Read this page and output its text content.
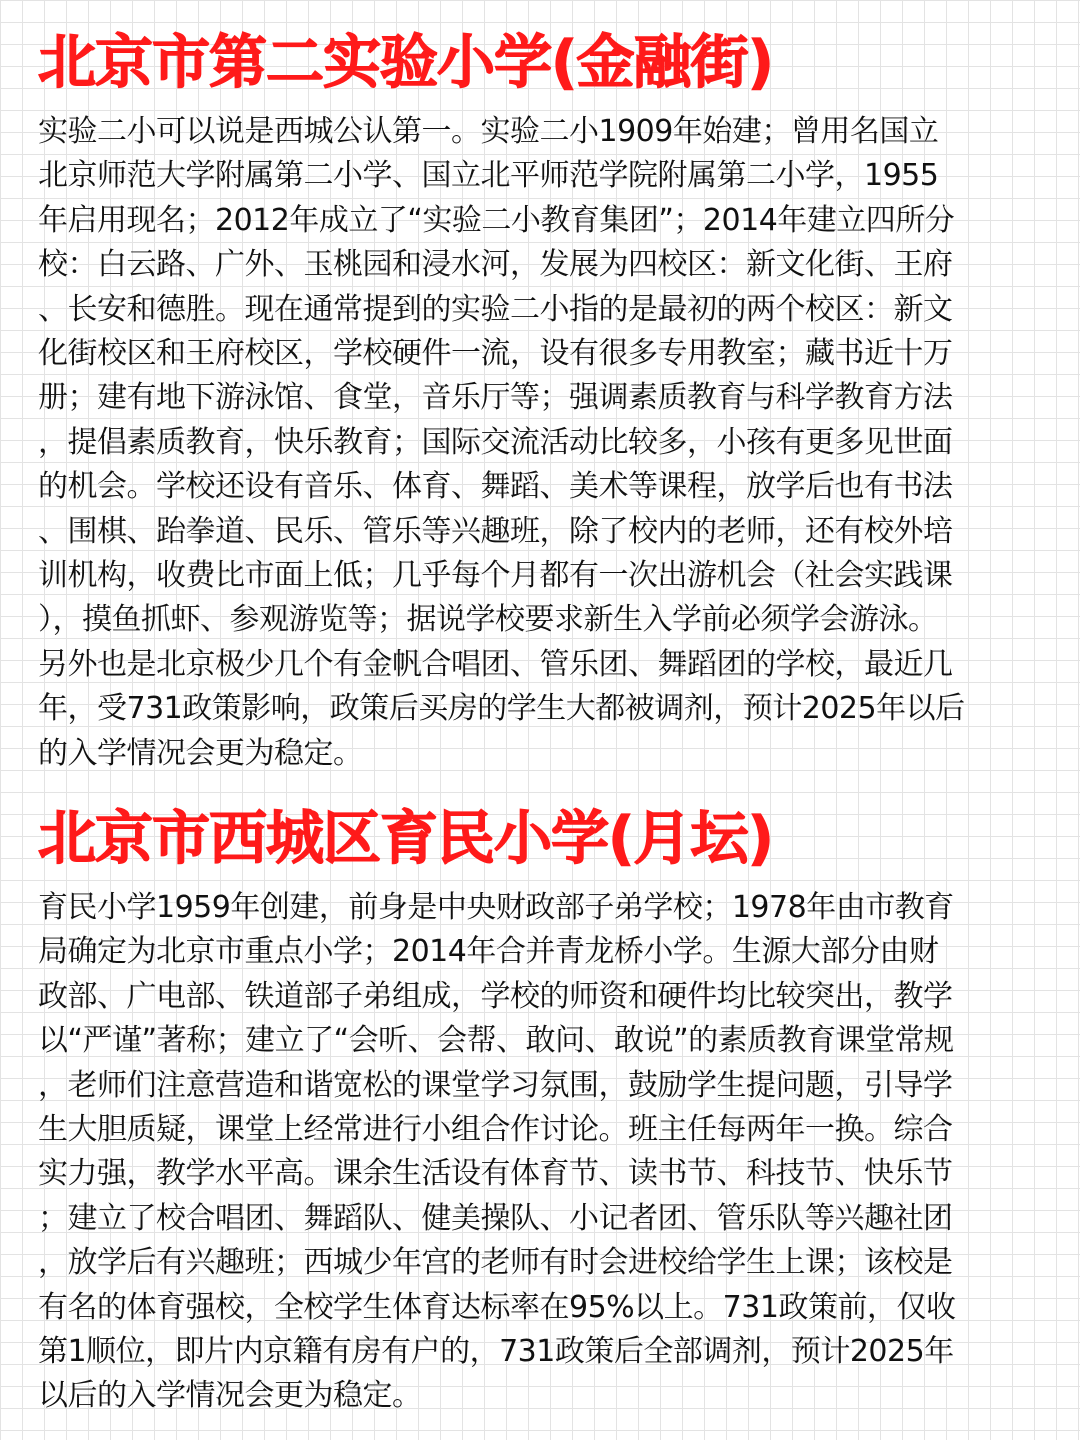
北京市第二实验小学(金融街)
实验二小可以说是西城公认第一。实验二小1909年始建；曾用名国立
北京师范大学附属第二小学、国立北平师范学院附属第二小学，1955
年启用现名；2012年成立了“实验二小教育集团”；2014年建立四所分
校：白云路、广外、玉桃园和浸水河，发展为四校区：新文化街、王府
、长安和德胜。现在通常提到的实验二小指的是最初的两个校区：新文
化街校区和王府校区，学校硬件一流，设有很多专用教室；藏书近十万
册；建有地下游泳馆、食堂，音乐厅等；强调素质教育与科学教育方法
，提倡素质教育，快乐教育；国际交流活动比较多，小孩有更多见世面
的机会。学校还设有音乐、体育、舞蹈、美术等课程，放学后也有书法
、围棋、跆拳道、民乐、管乐等兴趣班，除了校内的老师，还有校外培
训机构，收费比市面上低；几乎每个月都有一次出游机会（社会实践课
），摸鱼抓虾、参观游览等；据说学校要求新生入学前必须学会游泳。
另外也是北京极少几个有金帆合唱团、管乐团、舞蹈团的学校，最近几
年，受731政策影响，政策后买房的学生大都被调剂，预计2025年以后
的入学情况会更为稳定。
北京市西城区育民小学(月坛)
育民小学1959年创建，前身是中央财政部子弟学校；1978年由市教育
局确定为北京市重点小学；2014年合并青龙桥小学。生源大部分由财
政部、广电部、铁道部子弟组成，学校的师资和硬件均比较突出，教学
以“严谨”著称；建立了“会听、会帮、敢问、敢说”的素质教育课堂常规
，老师们注意营造和谐宽松的课堂学习氛围，鼓励学生提问题，引导学
生大胆质疑，课堂上经常进行小组合作讨论。班主任每两年一换。综合
实力强，教学水平高。课余生活设有体育节、读书节、科技节、快乐节
；建立了校合唱团、舞蹈队、健美操队、小记者团、管乐队等兴趣社团
，放学后有兴趣班；西城少年宫的老师有时会进校给学生上课；该校是
有名的体育强校，全校学生体育达标率在95%以上。731政策前，仅收
第1顺位，即片内京籍有房有户的，731政策后全部调剂，预计2025年
以后的入学情况会更为稳定。
